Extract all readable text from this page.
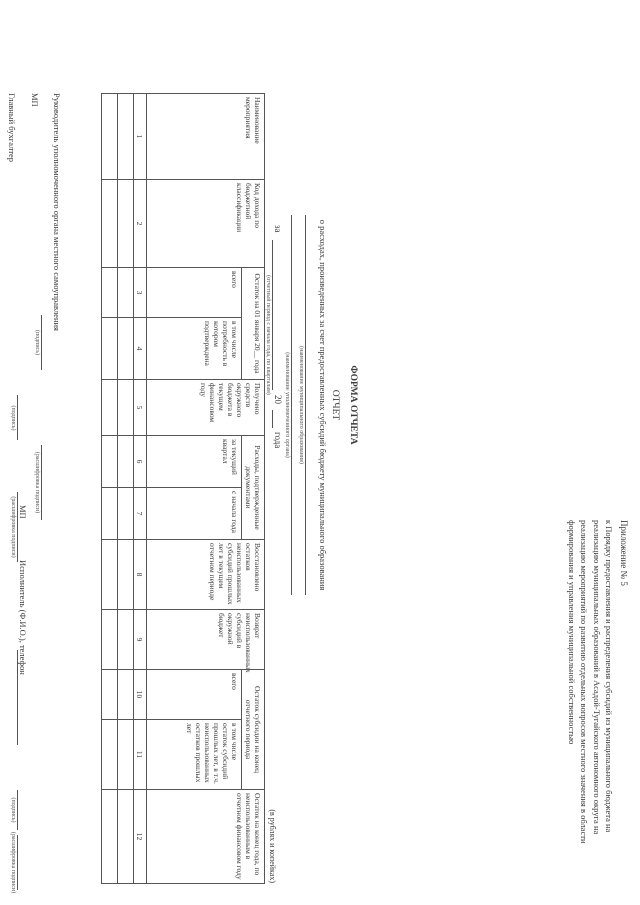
Приложение № 5
к Порядку предоставления и распределения субсидий из муниципального бюджета на реализацию муниципальных образований в Асадой-Тугайского автономного округа на реализацию мероприятий по развитию отдельных вопросов местного значения в области формирования и управления муниципальной собственностью
ФОРМА ОТЧЕТА
ОТЧЕТ
о расходах, произведенных за счет предоставленных субсидий бюджету муниципального образования
(наименование муниципального образования)
(наименование уполномоченного органа)
за
20
года
(отчетный период с начала года, по кварталам)
(в рублях и копейках)
Наименование мероприятия	Код дохода по бюджетной классификации	Остаток на 01 января 20__ года		Получено средств окружного бюджета в текущем финансовом году	Расходы, подтвержденные документами		Восстановлено остатков неиспользованных субсидий прошлых лет в текущем отчетном периоде	Возврат неиспользованных субсидий в окружной бюджет	Остаток субсидии на конец отчетного периода		Остаток на конец года, по неиспользованным в отчетном финансовом году
		всего	в том числе потребность в котором подтверждена		за текущий квартал	с начала года			всего	в том числе остаток субсидий прошлых лет, в т.ч. неиспользованных остатков прошлых лет	
1	2	3	4	5	6	7	8	9	10	11	12

Руководитель уполномоченного органа местного самоуправления
МП
(подпись)
(расшифровка подписи)
Главный бухгалтер
(подпись)
(расшифровка подписи) МП
Исполнитель (Ф.И.О.), телефон
(подпись)
(расшифровка подписи)
